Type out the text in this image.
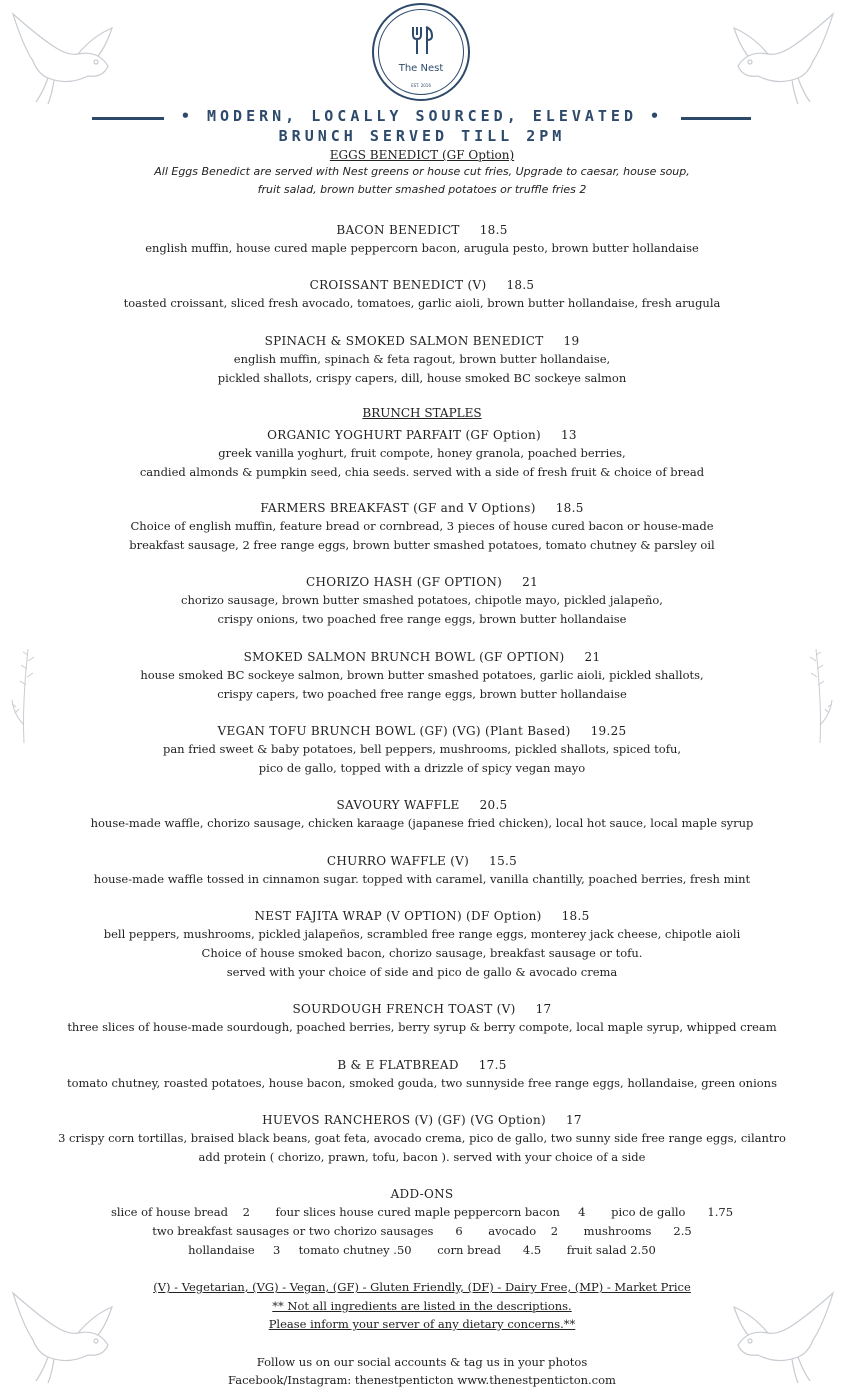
The Nest
EST. 2016
• MODERN, LOCALLY SOURCED, ELEVATED •
BRUNCH SERVED TILL 2PM
EGGS BENEDICT (GF Option)
All Eggs Benedict are served with Nest greens or house cut fries, Upgrade to caesar, house soup,
fruit salad, brown butter smashed potatoes or truffle fries 2
BACON BENEDICT 18.5
english muffin, house cured maple peppercorn bacon, arugula pesto, brown butter hollandaise
CROISSANT BENEDICT (V) 18.5
toasted croissant, sliced fresh avocado, tomatoes, garlic aioli, brown butter hollandaise, fresh arugula
SPINACH & SMOKED SALMON BENEDICT 19
english muffin, spinach & feta ragout, brown butter hollandaise,
pickled shallots, crispy capers, dill, house smoked BC sockeye salmon
BRUNCH STAPLES
ORGANIC YOGHURT PARFAIT (GF Option) 13
greek vanilla yoghurt, fruit compote, honey granola, poached berries,
candied almonds & pumpkin seed, chia seeds. served with a side of fresh fruit & choice of bread
FARMERS BREAKFAST (GF and V Options) 18.5
Choice of english muffin, feature bread or cornbread, 3 pieces of house cured bacon or house-made
breakfast sausage, 2 free range eggs, brown butter smashed potatoes, tomato chutney & parsley oil
CHORIZO HASH (GF OPTION) 21
chorizo sausage, brown butter smashed potatoes, chipotle mayo, pickled jalapeño,
crispy onions, two poached free range eggs, brown butter hollandaise
SMOKED SALMON BRUNCH BOWL (GF OPTION) 21
house smoked BC sockeye salmon, brown butter smashed potatoes, garlic aioli, pickled shallots,
crispy capers, two poached free range eggs, brown butter hollandaise
VEGAN TOFU BRUNCH BOWL (GF) (VG) (Plant Based) 19.25
pan fried sweet & baby potatoes, bell peppers, mushrooms, pickled shallots, spiced tofu,
pico de gallo, topped with a drizzle of spicy vegan mayo
SAVOURY WAFFLE 20.5
house-made waffle, chorizo sausage, chicken karaage (japanese fried chicken), local hot sauce, local maple syrup
CHURRO WAFFLE (V) 15.5
house-made waffle tossed in cinnamon sugar. topped with caramel, vanilla chantilly, poached berries, fresh mint
NEST FAJITA WRAP (V OPTION) (DF Option) 18.5
bell peppers, mushrooms, pickled jalapeños, scrambled free range eggs, monterey jack cheese, chipotle aioli
Choice of house smoked bacon, chorizo sausage, breakfast sausage or tofu.
served with your choice of side and pico de gallo & avocado crema
SOURDOUGH FRENCH TOAST (V) 17
three slices of house-made sourdough, poached berries, berry syrup & berry compote, local maple syrup, whipped cream
B & E FLATBREAD 17.5
tomato chutney, roasted potatoes, house bacon, smoked gouda, two sunnyside free range eggs, hollandaise, green onions
HUEVOS RANCHEROS (V) (GF) (VG Option) 17
3 crispy corn tortillas, braised black beans, goat feta, avocado crema, pico de gallo, two sunny side free range eggs, cilantro
add protein ( chorizo, prawn, tofu, bacon ). served with your choice of a side
ADD-ONS
slice of house bread    2       four slices house cured maple peppercorn bacon     4       pico de gallo      1.75
two breakfast sausages or two chorizo sausages      6       avocado    2       mushrooms      2.5
hollandaise     3     tomato chutney .50       corn bread      4.5       fruit salad 2.50
(V) - Vegetarian, (VG) - Vegan, (GF) - Gluten Friendly, (DF) - Dairy Free, (MP) - Market Price
** Not all ingredients are listed in the descriptions.
Please inform your server of any dietary concerns.**
Follow us on our social accounts & tag us in your photos
Facebook/Instagram: thenestpenticton www.thenestpenticton.com
